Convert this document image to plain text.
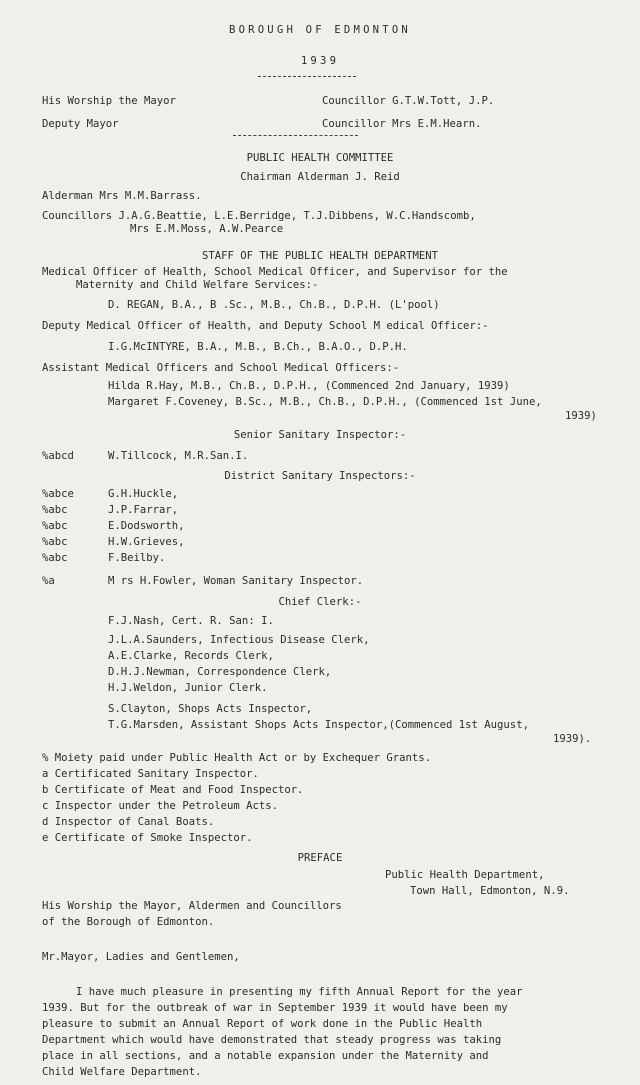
BOROUGH OF EDMONTON
1939
His Worship the Mayor	Councillor G.T.W.Tott, J.P.
Deputy Mayor	Councillor Mrs E.M.Hearn.
PUBLIC HEALTH COMMITTEE
Chairman Alderman J. Reid
Alderman Mrs M.M.Barrass.
Councillors J.A.G.Beattie, L.E.Berridge, T.J.Dibbens, W.C.Handscomb,
Mrs E.M.Moss, A.W.Pearce
STAFF OF THE PUBLIC HEALTH DEPARTMENT
Medical Officer of Health, School Medical Officer, and Supervisor for the
Maternity and Child Welfare Services:-
D. REGAN, B.A., B .Sc., M.B., Ch.B., D.P.H. (L'pool)
Deputy Medical Officer of Health, and Deputy School M edical Officer:-
I.G.McINTYRE, B.A., M.B., B.Ch., B.A.O., D.P.H.
Assistant Medical Officers and School Medical Officers:-
Hilda R.Hay, M.B., Ch.B., D.P.H., (Commenced 2nd January, 1939)
Margaret F.Coveney, B.Sc., M.B., Ch.B., D.P.H., (Commenced 1st June,
1939)
Senior Sanitary Inspector:-
%abcd	W.Tillcock, M.R.San.I.
District Sanitary Inspectors:-
%abce	G.H.Huckle,
%abc	J.P.Farrar,
%abc	E.Dodsworth,
%abc	H.W.Grieves,
%abc	F.Beilby.
%a	M rs H.Fowler, Woman Sanitary Inspector.
Chief Clerk:-
F.J.Nash, Cert. R. San: I.
J.L.A.Saunders, Infectious Disease Clerk,
A.E.Clarke, Records Clerk,
D.H.J.Newman, Correspondence Clerk,
H.J.Weldon, Junior Clerk.
S.Clayton, Shops Acts Inspector,
T.G.Marsden, Assistant Shops Acts Inspector,(Commenced 1st August,
1939).
% Moiety paid under Public Health Act or by Exchequer Grants.
a Certificated Sanitary Inspector.
b Certificate of Meat and Food Inspector.
c Inspector under the Petroleum Acts.
d Inspector of Canal Boats.
e Certificate of Smoke Inspector.
PREFACE
Public Health Department,
Town Hall, Edmonton, N.9.
His Worship the Mayor, Aldermen and Councillors
of the Borough of Edmonton.
Mr.Mayor, Ladies and Gentlemen,
I have much pleasure in presenting my fifth Annual Report for the year
1939. But for the outbreak of war in September 1939 it would have been my
pleasure to submit an Annual Report of work done in the Public Health
Department which would have demonstrated that steady progress was taking
place in all sections, and a notable expansion under the Maternity and
Child Welfare Department.
